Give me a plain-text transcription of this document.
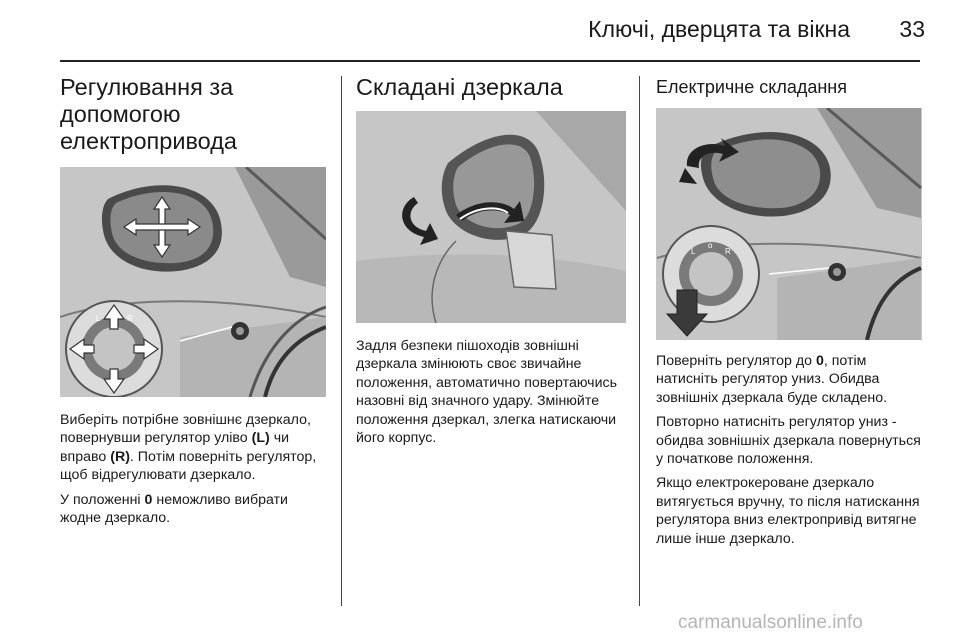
Ключі, дверцята та вікна	33
Регулювання за допомогою електропривода
L	R

Виберіть потрібне зовнішнє дзеркало, повернувши регулятор уліво (L) чи вправо (R). Потім поверніть регулятор, щоб відрегулювати дзеркало.

У положенні 0 неможливо вибрати жодне дзеркало.

Складані дзеркала

Задля безпеки пішоходів зовнішні дзеркала змінюють своє звичайне положення, автоматично повертаючись назовні від значного удару. Змінюйте положення дзеркал, злегка натискаючи його корпус.

Електричне складання
L
o
R

Поверніть регулятор до 0, потім натисніть регулятор униз. Обидва зовнішніх дзеркала буде складено.

Повторно натисніть регулятор униз - обидва зовнішніх дзеркала повернуться у початкове положення.

Якщо електрокероване дзеркало витягується вручну, то після натискання регулятора вниз електропривід витягне лише інше дзеркало.

carmanualsonline.info
